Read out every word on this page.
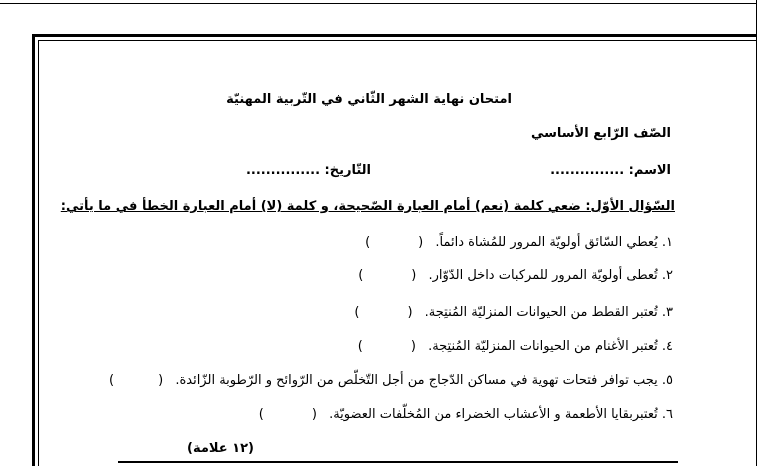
امتحان نهاية الشهر الثّاني في التّربية المهنيّة
الصّف الرّابع الأساسي
الاسم: ...............
التّاريخ: ...............
السّؤال الأوّل: ضعي كلمة (نعم) أمام العبارة الصّحيحة، و كلمة (لا) أمام العبارة الخطأ في ما يأتي:
١. يُعطي السّائق أولويّة المرور للمُشاة دائماً. ()
٢. تُعطى أولويّة المرور للمركبات داخل الدّوّار. ()
٣. تُعتبر القطط من الحيوانات المنزليّة المُنتِجة. ()
٤. تُعتبر الأغنام من الحيوانات المنزليّة المُنتِجة. ()
٥. يجب توافر فتحات تهوية في مساكن الدّجاج من أجل التّخلّص من الرّوائح و الرّطوبة الزّائدة. ()
٦. تُعتبربقايا الأطعمة و الأعشاب الخضراء من المُخلّفات العضويّة. ()
(١٢ علامة)
